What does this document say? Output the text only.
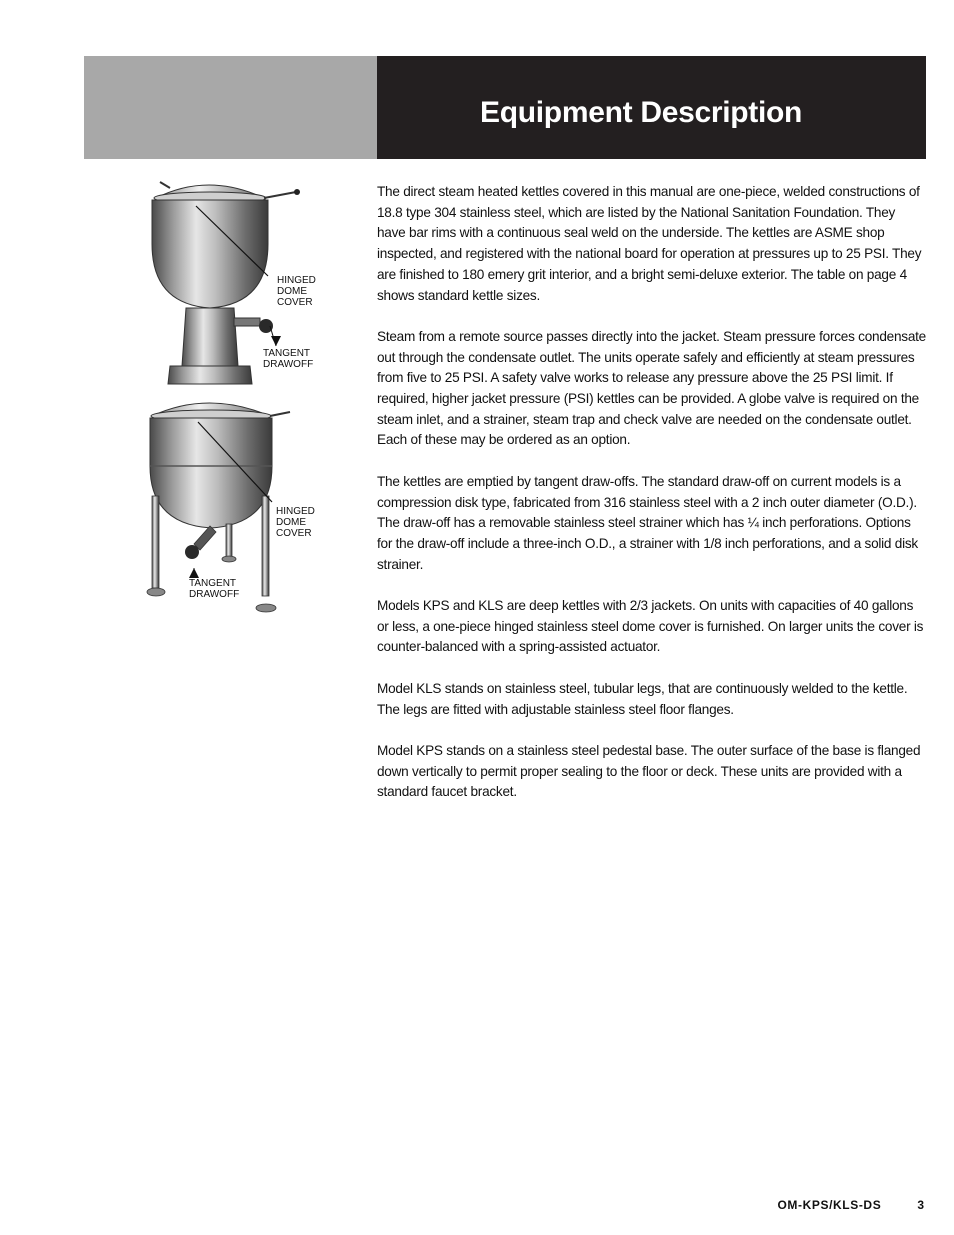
Equipment Description
HINGED
DOME
COVER
TANGENT
DRAWOFF
HINGED
DOME
COVER
TANGENT
DRAWOFF

The direct steam heated kettles covered in this manual are one-piece, welded constructions of 18.8 type 304 stainless steel, which are listed by the National Sanitation Foundation. They have bar rims with a continuous seal weld on the underside. The kettles are ASME shop inspected, and registered with the national board for operation at pressures up to 25 PSI. They are finished to 180 emery grit interior, and a bright semi-deluxe exterior. The table on page 4 shows standard kettle sizes.

Steam from a remote source passes directly into the jacket. Steam pressure forces condensate out through the condensate outlet. The units operate safely and efficiently at steam pressures from five to 25 PSI. A safety valve works to release any pressure above the 25 PSI limit. If required, higher jacket pressure (PSI) kettles can be provided. A globe valve is required on the steam inlet, and a strainer, steam trap and check valve are needed on the condensate outlet. Each of these may be ordered as an option.

The kettles are emptied by tangent draw-offs. The standard draw-off on current models is a compression disk type, fabricated from 316 stainless steel with a 2 inch outer diameter (O.D.). The draw-off has a removable stainless steel strainer which has ¼ inch perforations. Options for the draw-off include a three-inch O.D., a strainer with 1/8 inch perforations, and a solid disk strainer.

Models KPS and KLS are deep kettles with 2/3 jackets. On units with capacities of 40 gallons or less, a one-piece hinged stainless steel dome cover is furnished. On larger units the cover is counter-balanced with a spring-assisted actuator.

Model KLS stands on stainless steel, tubular legs, that are continuously welded to the kettle. The legs are fitted with adjustable stainless steel floor flanges.

Model KPS stands on a stainless steel pedestal base. The outer surface of the base is flanged down vertically to permit proper sealing to the floor or deck. These units are provided with a standard faucet bracket.

OM-KPS/KLS-DS	3
